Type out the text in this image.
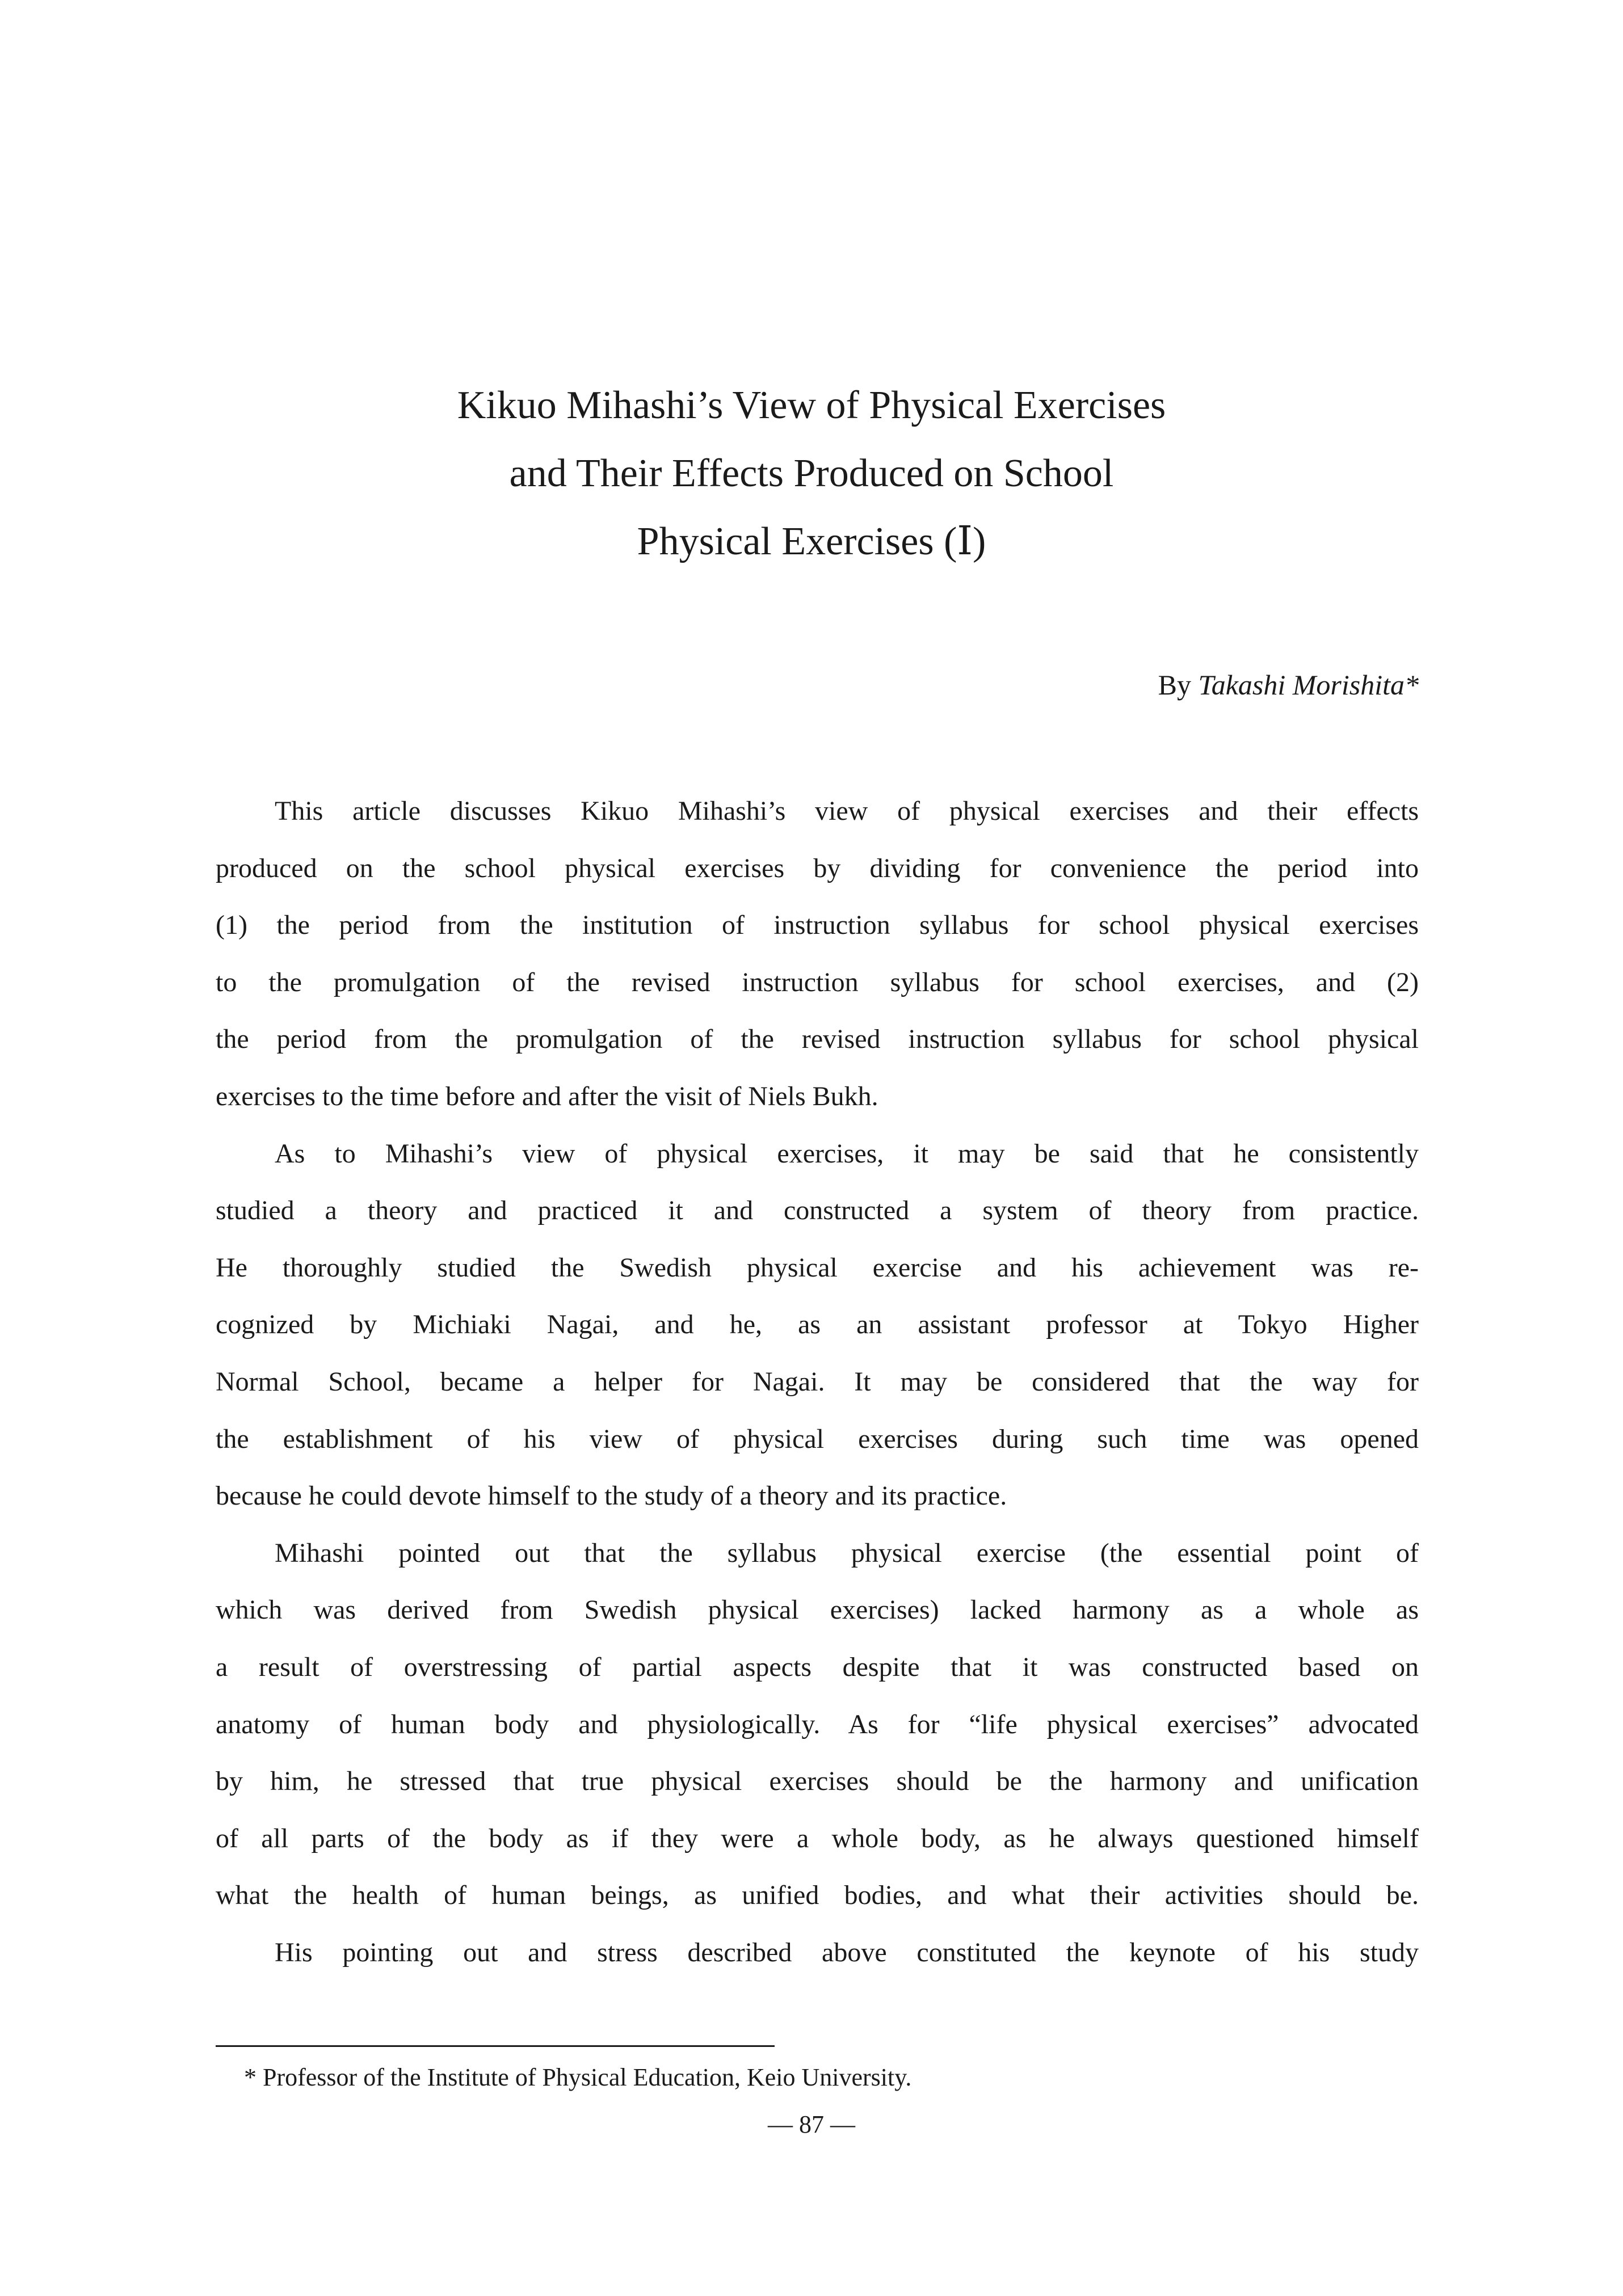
Kikuo Mihashi’s View of Physical Exercises
and Their Effects Produced on School
Physical Exercises (Ⅰ)
By Takashi Morishita*
This article discusses Kikuo Mihashi’s view of physical exercises and their effects
produced on the school physical exercises by dividing for convenience the period into
(1) the period from the institution of instruction syllabus for school physical exercises
to the promulgation of the revised instruction syllabus for school exercises, and (2)
the period from the promulgation of the revised instruction syllabus for school physical
exercises to the time before and after the visit of Niels Bukh.
As to Mihashi’s view of physical exercises, it may be said that he consistently
studied a theory and practiced it and constructed a system of theory from practice.
He thoroughly studied the Swedish physical exercise and his achievement was re-
cognized by Michiaki Nagai, and he, as an assistant professor at Tokyo Higher
Normal School, became a helper for Nagai. It may be considered that the way for
the establishment of his view of physical exercises during such time was opened
because he could devote himself to the study of a theory and its practice.
Mihashi pointed out that the syllabus physical exercise (the essential point of
which was derived from Swedish physical exercises) lacked harmony as a whole as
a result of overstressing of partial aspects despite that it was constructed based on
anatomy of human body and physiologically. As for “life physical exercises” advocated
by him, he stressed that true physical exercises should be the harmony and unification
of all parts of the body as if they were a whole body, as he always questioned himself
what the health of human beings, as unified bodies, and what their activities should be.
His pointing out and stress described above constituted the keynote of his study
* Professor of the Institute of Physical Education, Keio University.
— 87 —
